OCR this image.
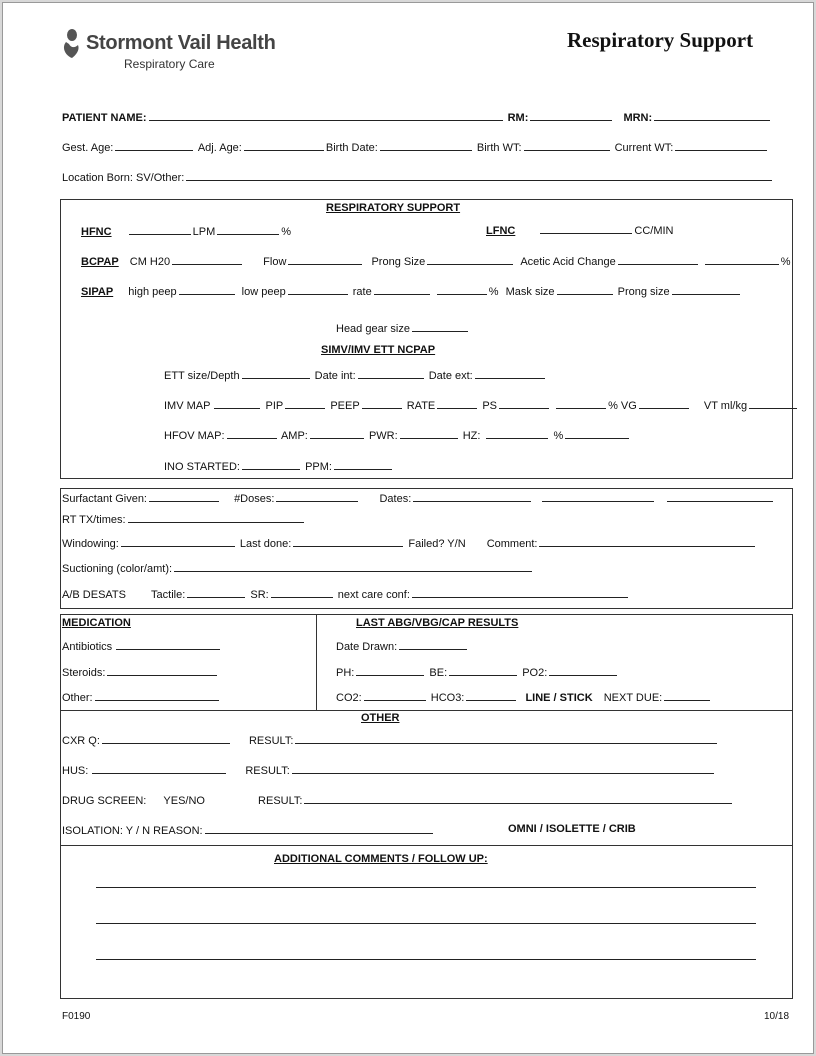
Stormont Vail Health
Respiratory Care
Respiratory Support
PATIENT NAME:	RM:	MRN:
Gest. Age:	Adj. Age:	Birth Date:	Birth WT:	Current WT:
Location Born: SV/Other:
RESPIRATORY SUPPORT
HFNC	LPM	%	LFNC	CC/MIN
BCPAP CM H20	Flow	Prong Size	Acetic Acid Change	%
SIPAP high peep	low peep	rate	% Mask size	Prong size
Head gear size
SIMV/IMV ETT NCPAP
ETT size/Depth	Date int:	Date ext:
IMV MAP	PIP	PEEP	RATE	PS	% VG	VT ml/kg
HFOV MAP:	AMP:	PWR:	HZ:	%
INO STARTED:	PPM:
Surfactant Given:	#Doses:	Dates:
RT TX/times:
Windowing:	Last done:	Failed? Y/N Comment:
Suctioning (color/amt):
A/B DESATS Tactile:	SR:	next care conf:
MEDICATION
Antibiotics
Steroids:
Other:
LAST ABG/VBG/CAP RESULTS
Date Drawn:
PH:	BE:	PO2:
CO2:	HCO3:	LINE / STICK NEXT DUE:
OTHER
CXR Q:	RESULT:
HUS:	RESULT:
DRUG SCREEN: YES/NO	RESULT:
ISOLATION: Y / N REASON:	OMNI / ISOLETTE / CRIB
ADDITIONAL COMMENTS / FOLLOW UP:
F0190	10/18
